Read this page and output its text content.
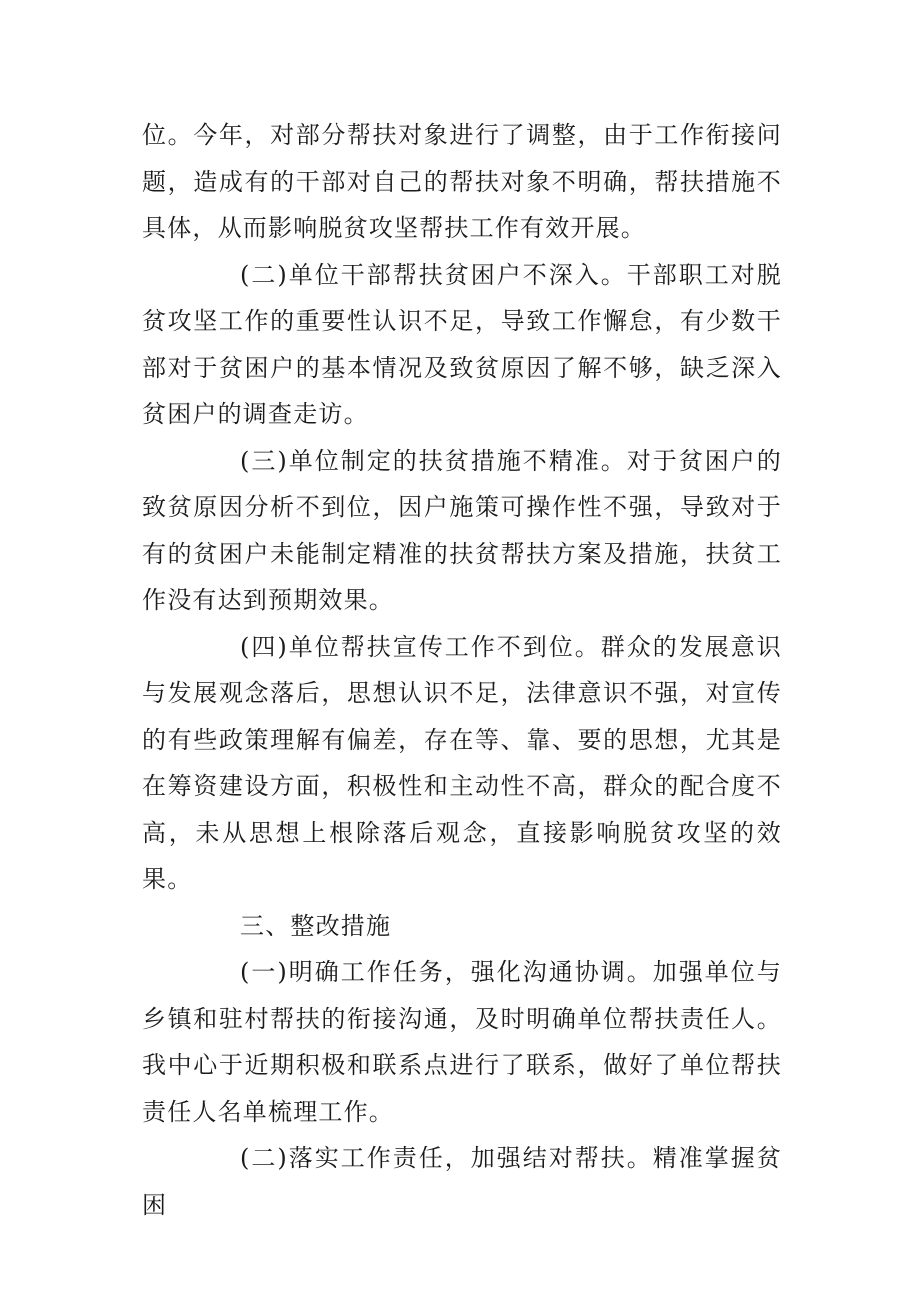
位。今年，对部分帮扶对象进行了调整，由于工作衔接问题，造成有的干部对自己的帮扶对象不明确，帮扶措施不具体，从而影响脱贫攻坚帮扶工作有效开展。

(二)单位干部帮扶贫困户不深入。干部职工对脱贫攻坚工作的重要性认识不足，导致工作懈怠，有少数干部对于贫困户的基本情况及致贫原因了解不够，缺乏深入贫困户的调查走访。

(三)单位制定的扶贫措施不精准。对于贫困户的致贫原因分析不到位，因户施策可操作性不强，导致对于有的贫困户未能制定精准的扶贫帮扶方案及措施，扶贫工作没有达到预期效果。

(四)单位帮扶宣传工作不到位。群众的发展意识与发展观念落后，思想认识不足，法律意识不强，对宣传的有些政策理解有偏差，存在等、靠、要的思想，尤其是在筹资建设方面，积极性和主动性不高，群众的配合度不高，未从思想上根除落后观念，直接影响脱贫攻坚的效果。

三、整改措施

(一)明确工作任务，强化沟通协调。加强单位与乡镇和驻村帮扶的衔接沟通，及时明确单位帮扶责任人。我中心于近期积极和联系点进行了联系，做好了单位帮扶责任人名单梳理工作。

(二)落实工作责任，加强结对帮扶。精准掌握贫困
